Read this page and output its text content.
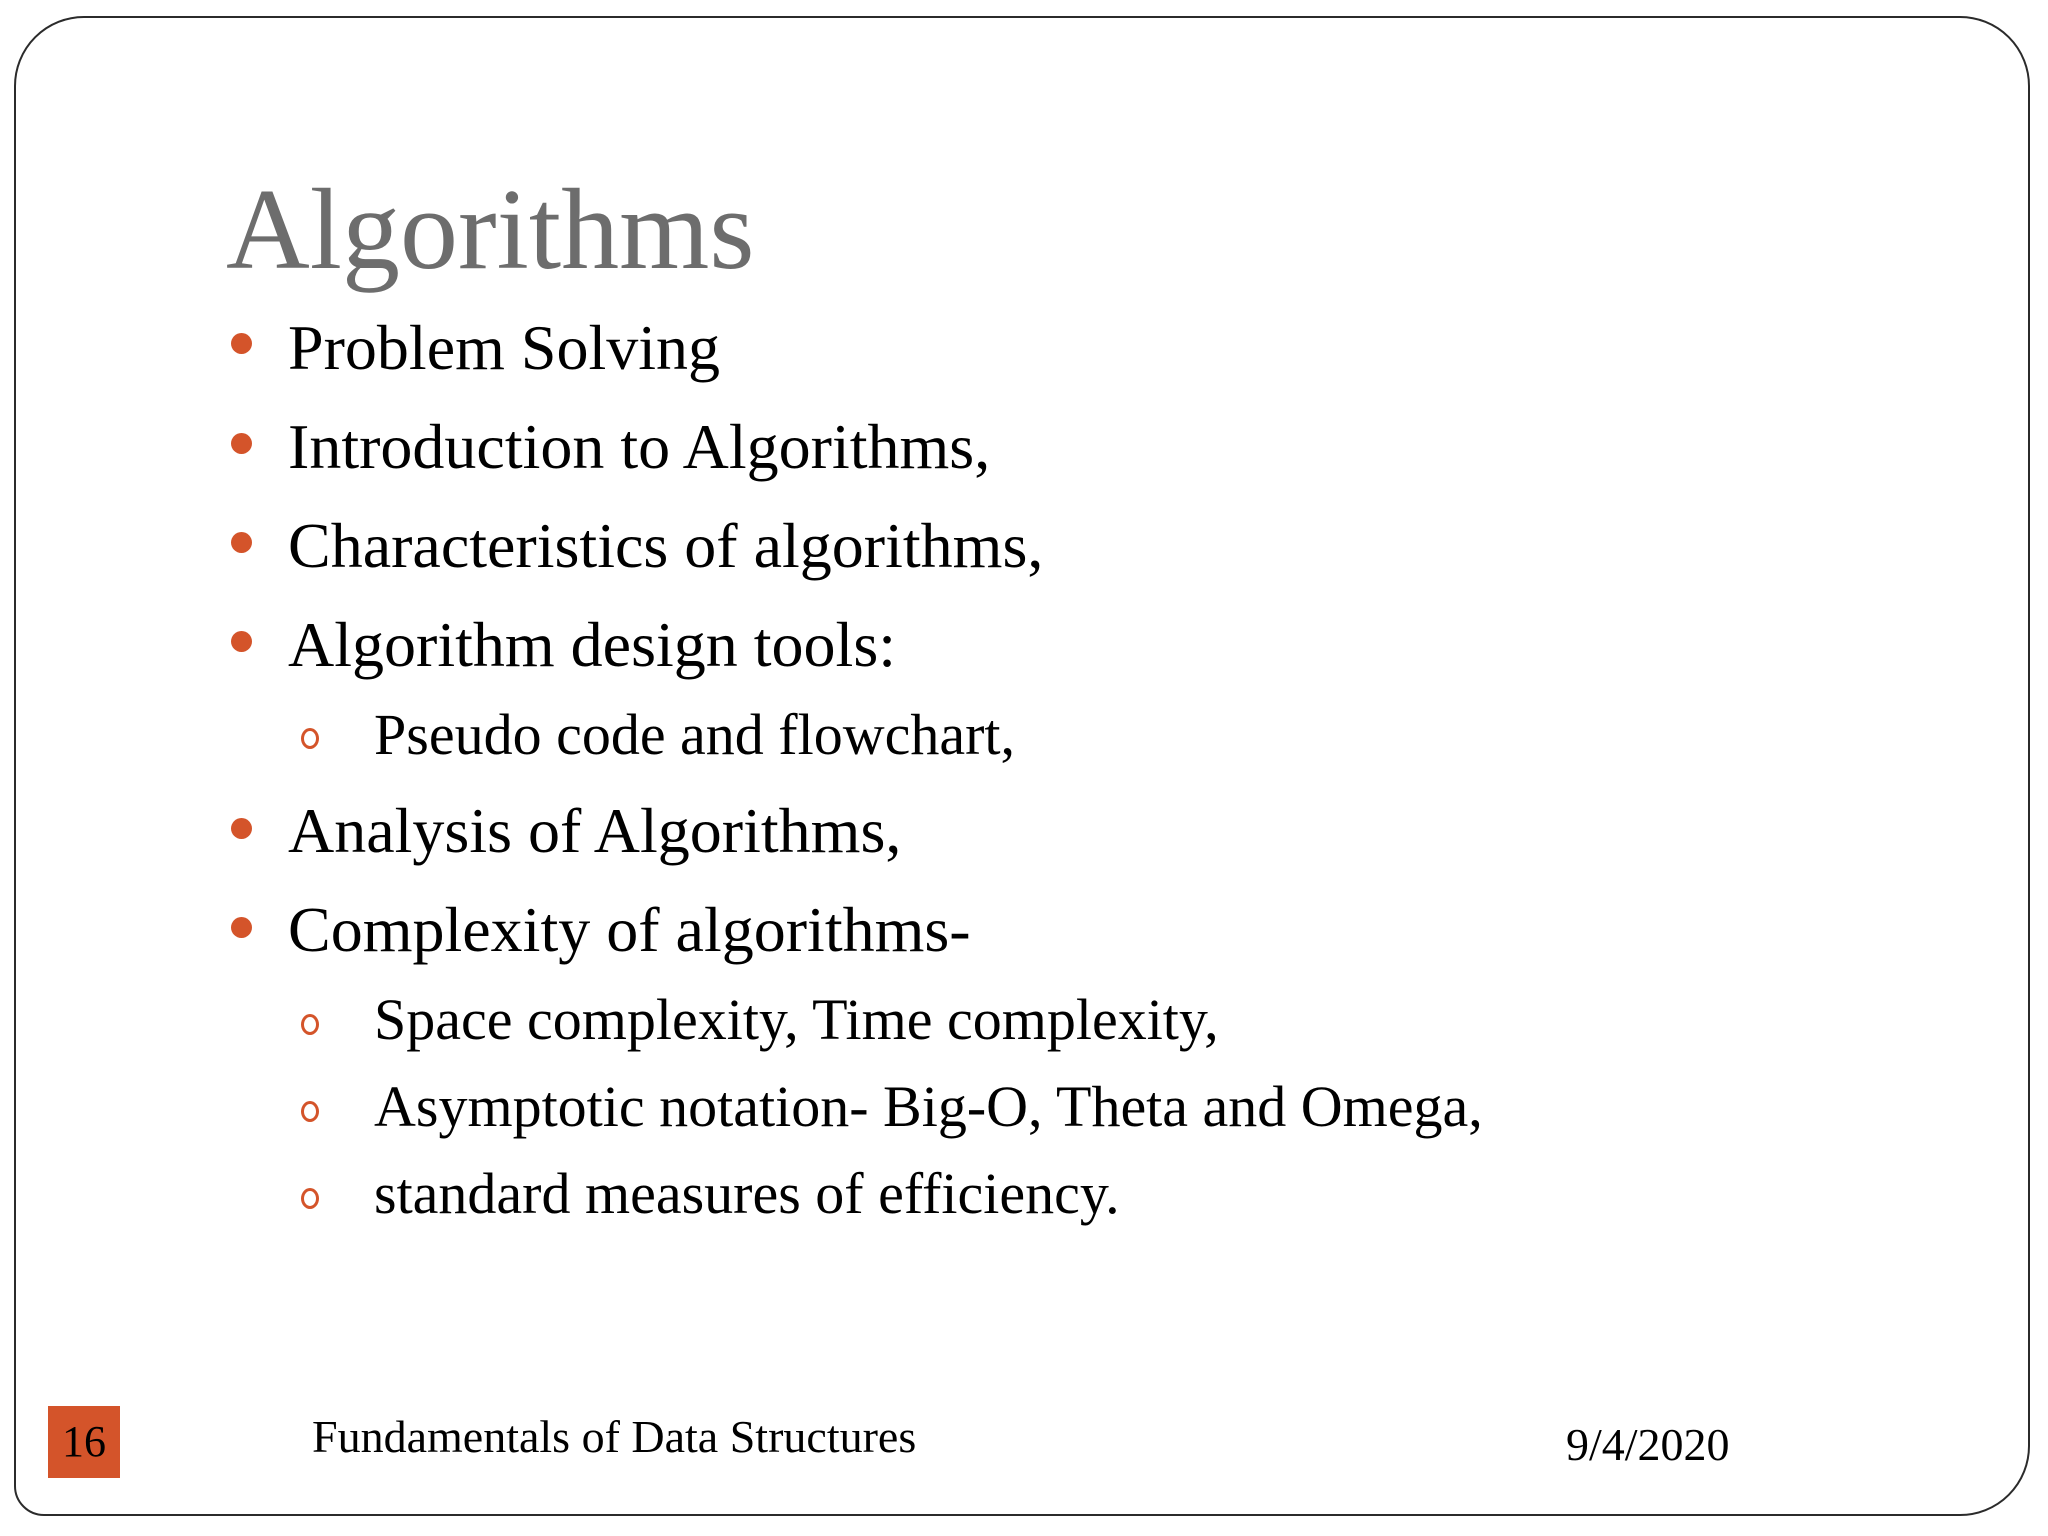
Algorithms
Problem Solving
Introduction to Algorithms,
Characteristics of algorithms,
Algorithm design tools:
Pseudo code and flowchart,
Analysis of Algorithms,
Complexity of algorithms-
Space complexity, Time complexity,
Asymptotic notation- Big-O, Theta and Omega,
standard measures of efficiency.
16	Fundamentals of Data Structures	9/4/2020
